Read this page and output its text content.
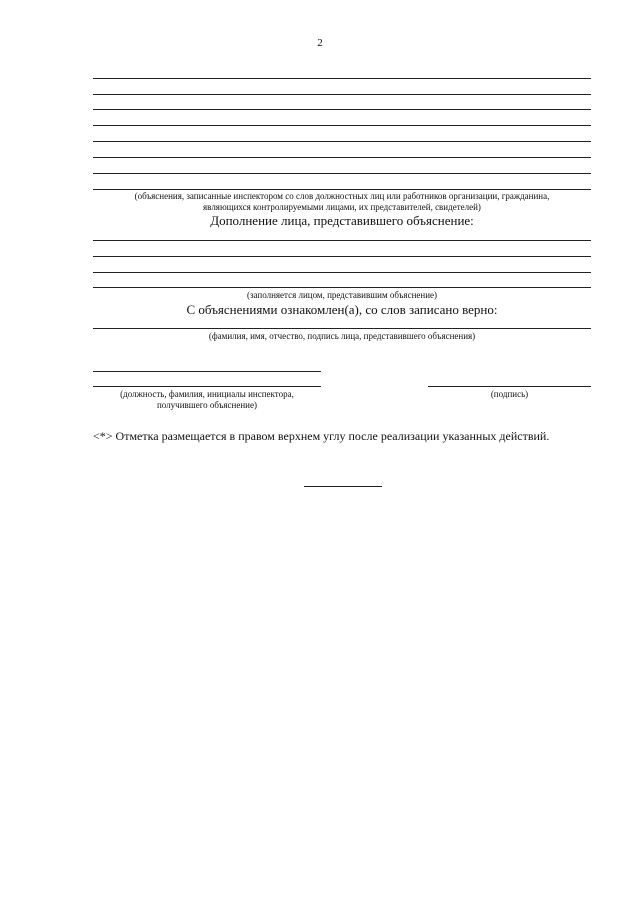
2
(объяснения, записанные инспектором со слов должностных лиц или работников организации, гражданина,
являющихся контролируемыми лицами, их представителей, свидетелей)
Дополнение лица, представившего объяснение:
(заполняется лицом, представившим объяснение)
С объяснениями ознакомлен(а), со слов записано верно:
(фамилия, имя, отчество, подпись лица, представившего объяснения)
(должность, фамилия, инициалы инспектора,
получившего объяснение)
(подпись)
<*> Отметка размещается в правом верхнем углу после реализации указанных действий.
